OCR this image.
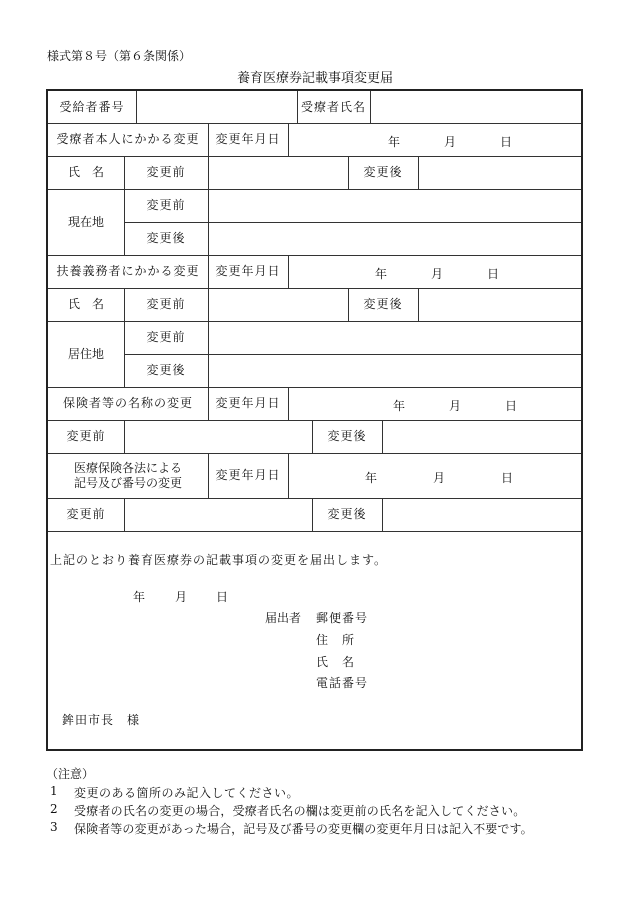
様式第８号（第６条関係）
養育医療券記載事項変更届
受給者番号	受療者氏名
受療者本人にかかる変更	変更年月日	年	月	日
氏　名	変更前	変更後
現在地
変更前
変更後
扶養義務者にかかる変更	変更年月日	年	月	日
氏　名	変更前	変更後
居住地
変更前
変更後
保険者等の名称の変更	変更年月日	年	月	日
変更前	変更後
医療保険各法による
記号及び番号の変更
変更年月日	年	月	日
変更前	変更後
上記のとおり養育医療券の記載事項の変更を届出します。
年 月 日
届出者 郵便番号
住　所
氏　名
電話番号
鉾田市長　様
（注意）
1 変更のある箇所のみ記入してください。
2 受療者の氏名の変更の場合，受療者氏名の欄は変更前の氏名を記入してください。
3 保険者等の変更があった場合，記号及び番号の変更欄の変更年月日は記入不要です。
